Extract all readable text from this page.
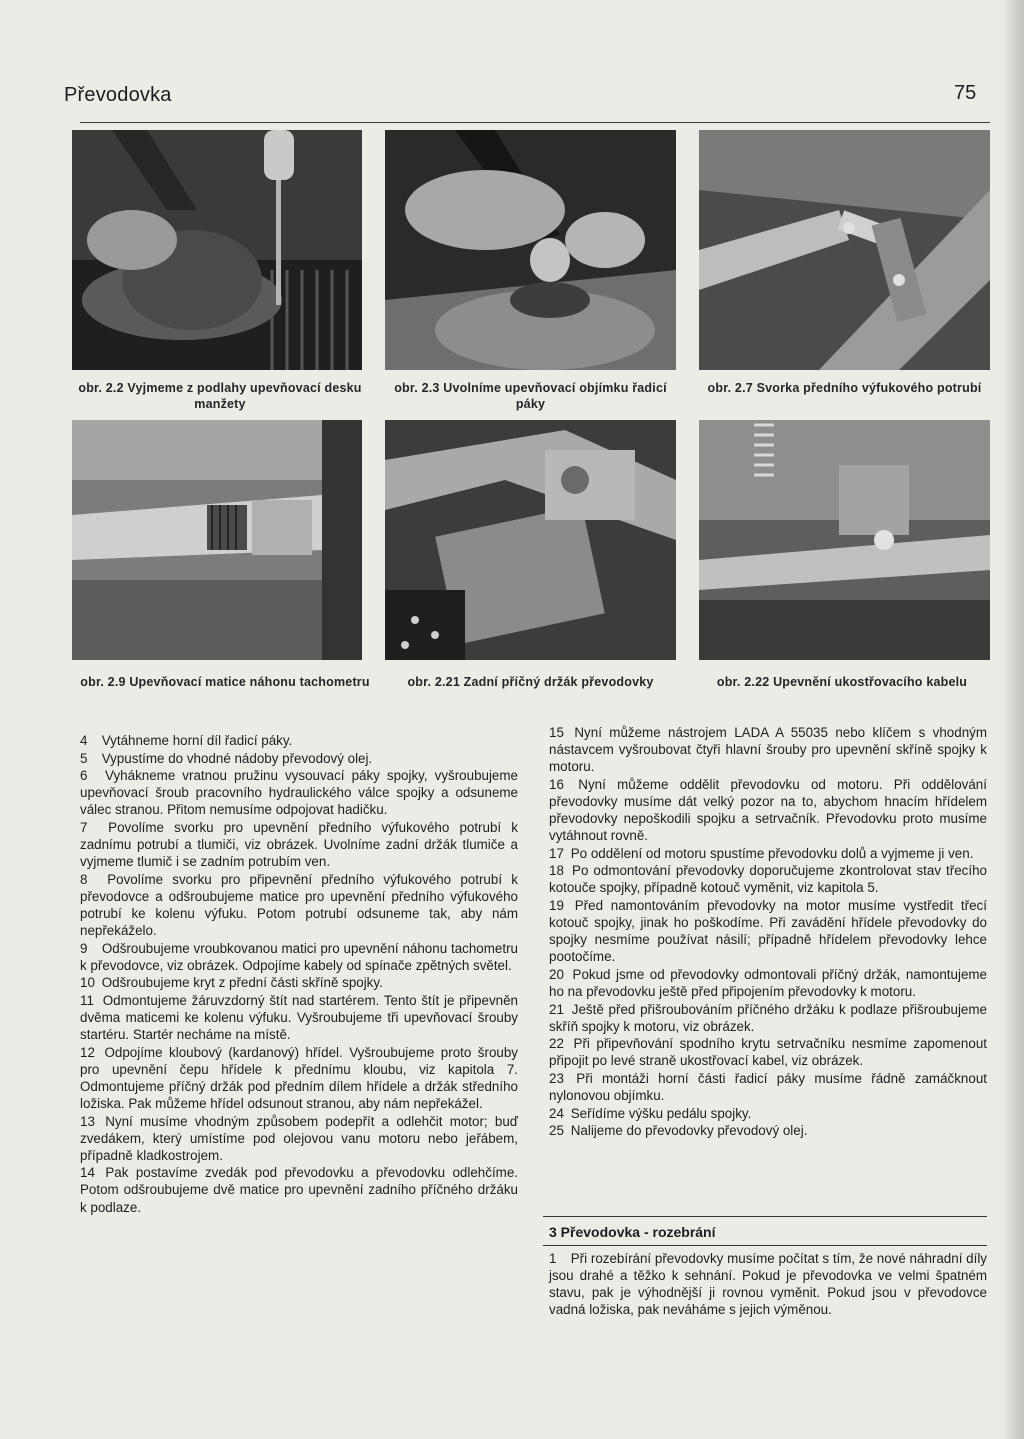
Převodovka	75
obr. 2.2 Vyjmeme z podlahy upevňovací desku manžety
obr. 2.3 Uvolníme upevňovací objímku řadicí páky
obr. 2.7 Svorka předního výfukového potrubí
obr. 2.9 Upevňovací matice náhonu tachometru	obr. 2.21 Zadní příčný držák převodovky	obr. 2.22 Upevnění ukostřovacího kabelu

4 Vytáhneme horní díl řadicí páky.

5 Vypustíme do vhodné nádoby převodový olej.

6 Vyhákneme vratnou pružinu vysouvací páky spojky, vyšroubujeme upevňovací šroub pracovního hydraulického válce spojky a odsuneme válec stranou. Přitom nemusíme odpojovat hadičku.

7 Povolíme svorku pro upevnění předního výfukového potrubí k zadnímu potrubí a tlumiči, viz obrázek. Uvolníme zadní držák tlumiče a vyjmeme tlumič i se zadním potrubím ven.

8 Povolíme svorku pro připevnění předního výfukového potrubí k převodovce a odšroubujeme matice pro upevnění předního výfukového potrubí ke kolenu výfuku. Potom potrubí odsuneme tak, aby nám nepřekáželo.

9 Odšroubujeme vroubkovanou matici pro upevnění náhonu tachometru k převodovce, viz obrázek. Odpojíme kabely od spínače zpětných světel.

10 Odšroubujeme kryt z přední části skříně spojky.

11 Odmontujeme žáruvzdorný štít nad startérem. Tento štít je připevněn dvěma maticemi ke kolenu výfuku. Vyšroubujeme tři upevňovací šrouby startéru. Startér necháme na místě.

12 Odpojíme kloubový (kardanový) hřídel. Vyšroubujeme proto šrouby pro upevnění čepu hřídele k přednímu kloubu, viz kapitola 7. Odmontujeme příčný držák pod předním dílem hřídele a držák středního ložiska. Pak můžeme hřídel odsunout stranou, aby nám nepřekážel.

13 Nyní musíme vhodným způsobem podepřít a odlehčit motor; buď zvedákem, který umístíme pod olejovou vanu motoru nebo jeřábem, případně kladkostrojem.

14 Pak postavíme zvedák pod převodovku a převodovku odlehčíme. Potom odšroubujeme dvě matice pro upevnění zadního příčného držáku k podlaze.

15 Nyní můžeme nástrojem LADA A 55035 nebo klíčem s vhodným nástavcem vyšroubovat čtyři hlavní šrouby pro upevnění skříně spojky k motoru.

16 Nyní můžeme oddělit převodovku od motoru. Při oddělování převodovky musíme dát velký pozor na to, abychom hnacím hřídelem převodovky nepoškodili spojku a setrvačník. Převodovku proto musíme vytáhnout rovně.

17 Po oddělení od motoru spustíme převodovku dolů a vyjmeme ji ven.

18 Po odmontování převodovky doporučujeme zkontrolovat stav třecího kotouče spojky, případně kotouč vyměnit, viz kapitola 5.

19 Před namontováním převodovky na motor musíme vystředit třecí kotouč spojky, jinak ho poškodíme. Při zavádění hřídele převodovky do spojky nesmíme používat násilí; případně hřídelem převodovky lehce pootočíme.

20 Pokud jsme od převodovky odmontovali příčný držák, namontujeme ho na převodovku ještě před připojením převodovky k motoru.

21 Ještě před přišroubováním příčného držáku k podlaze přišroubujeme skříň spojky k motoru, viz obrázek.

22 Při připevňování spodního krytu setrvačníku nesmíme zapomenout připojit po levé straně ukostřovací kabel, viz obrázek.

23 Při montáži horní části řadicí páky musíme řádně zamáčknout nylonovou objímku.

24 Seřídíme výšku pedálu spojky.

25 Nalijeme do převodovky převodový olej.

3 Převodovka - rozebrání

1 Při rozebírání převodovky musíme počítat s tím, že nové náhradní díly jsou drahé a těžko k sehnání. Pokud je převodovka ve velmi špatném stavu, pak je výhodnější ji rovnou vyměnit. Pokud jsou v převodovce vadná ložiska, pak neváháme s jejich výměnou.
